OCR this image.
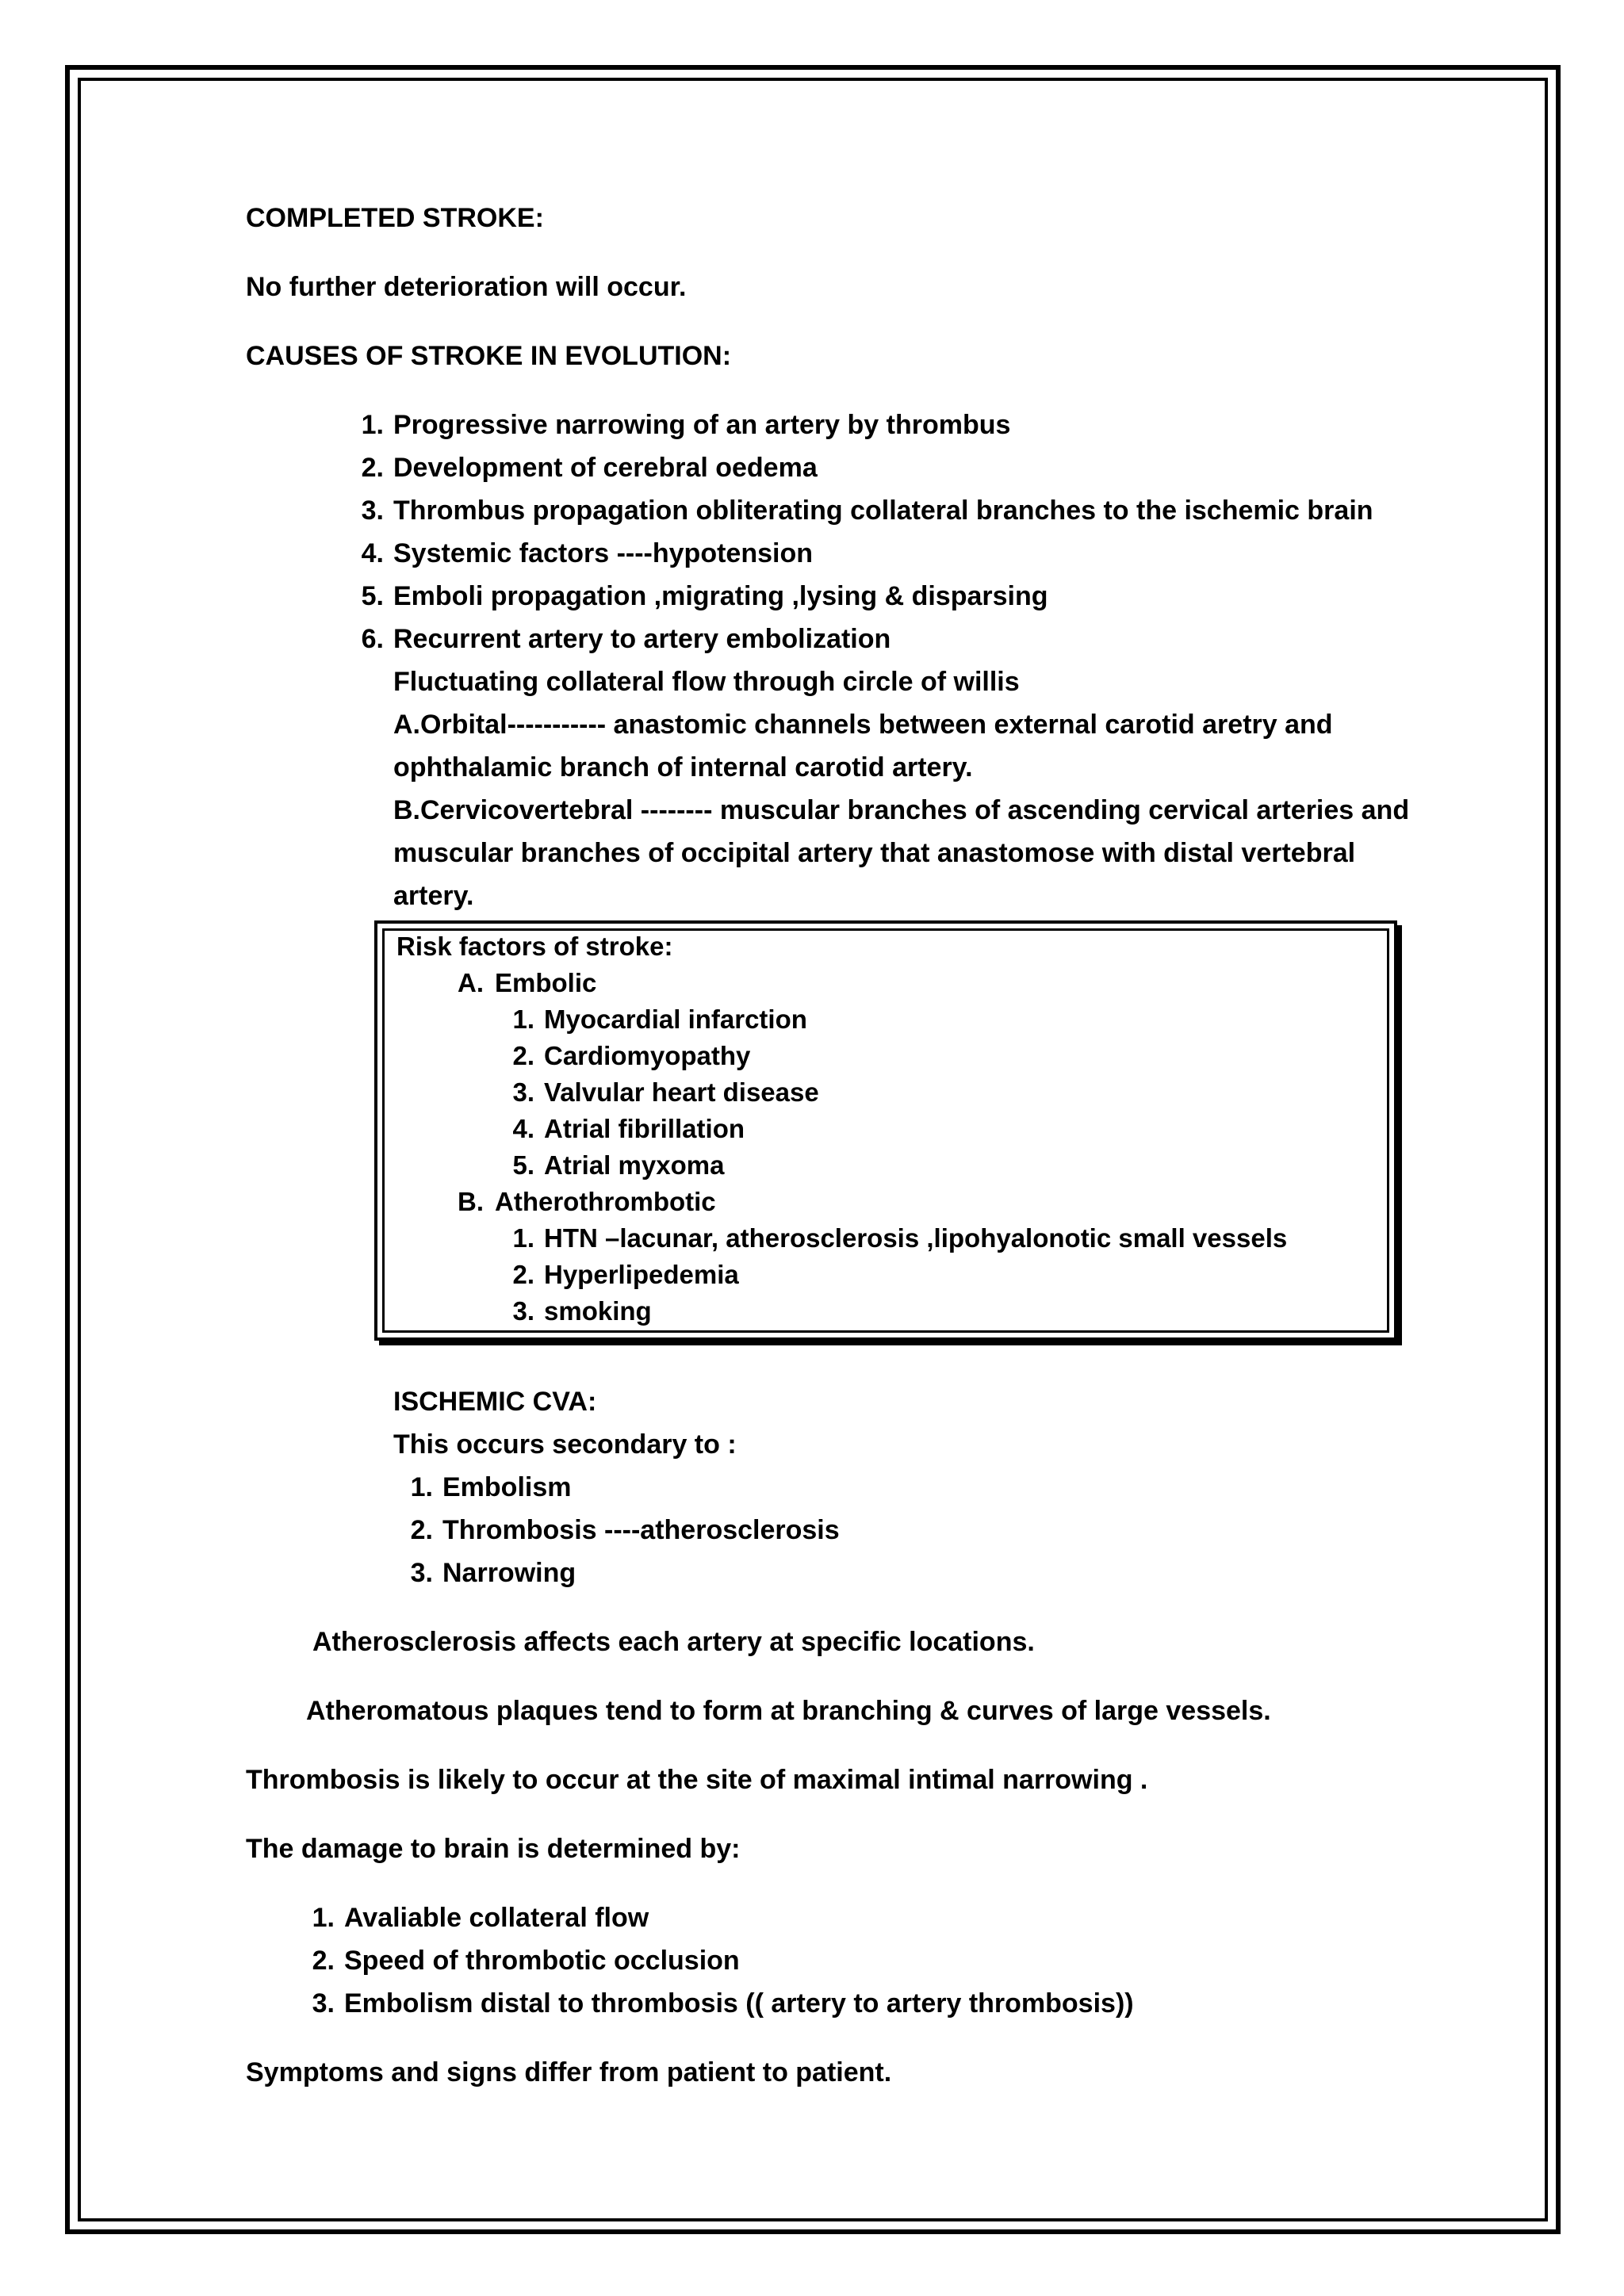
COMPLETED STROKE:

No further deterioration will occur.

CAUSES OF STROKE IN EVOLUTION:

1. Progressive narrowing of an artery by thrombus
2. Development of cerebral oedema
3. Thrombus propagation obliterating collateral branches to the ischemic brain
4. Systemic factors ----hypotension
5. Emboli propagation ,migrating ,lysing & disparsing
6. Recurrent artery to artery embolization

Fluctuating collateral flow through circle of willis

A.Orbital----------- anastomic channels between external carotid aretry and

ophthalamic branch of internal carotid artery.

B.Cervicovertebral -------- muscular branches of ascending cervical arteries and

muscular branches of occipital artery that anastomose with distal vertebral

artery.

Risk factors of stroke:
A. Embolic
1. Myocardial infarction
2. Cardiomyopathy
3. Valvular heart disease
4. Atrial fibrillation
5. Atrial myxoma
B. Atherothrombotic
1. HTN –lacunar, atherosclerosis ,lipohyalonotic small vessels
2. Hyperlipedemia
3. smoking

ISCHEMIC CVA:

This occurs secondary to :

1. Embolism
2. Thrombosis ----atherosclerosis
3. Narrowing

Atherosclerosis affects each artery at specific locations.

Atheromatous plaques tend to form at branching & curves of large vessels.

Thrombosis is likely to occur at the site of maximal intimal narrowing .

The damage to brain is determined by:

1. Avaliable collateral flow
2. Speed of thrombotic occlusion
3. Embolism distal to thrombosis (( artery to artery thrombosis))

Symptoms and signs differ from patient to patient.
